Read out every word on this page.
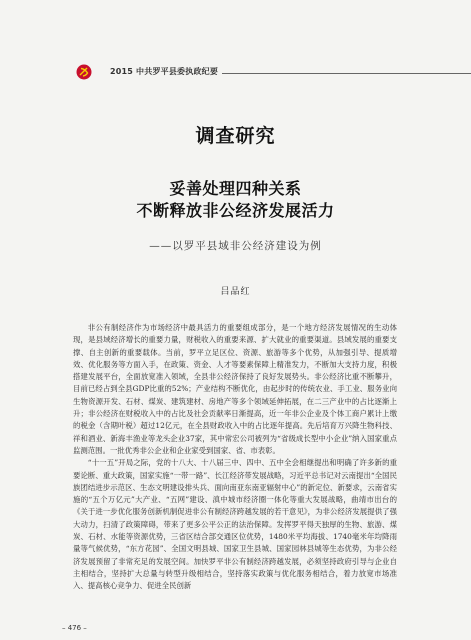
2015 中共罗平县委执政纪要
调查研究
妥善处理四种关系
不断释放非公经济发展活力
——以罗平县域非公经济建设为例
吕品红

非公有制经济作为市场经济中最具活力的重要组成部分，是一个地方经济发展情况的生动体现，是县域经济增长的重要力量，财税收入的重要来源、扩大就业的重要渠道。县域发展的重要支撑、自主创新的重要载体。当前，罗平立足区位、资源、旅游等多个优势，从加强引导、提质增效、优化服务等方面入手，在政策、资金、人才等要素保障上精准发力，不断加大支持力度，积极搭建发展平台，全面放宽准入领域，全县非公经济保持了良好发展势头。非公经济比重不断攀升，目前已经占到全县GDP比重的52%；产业结构不断优化，由起步时的传统农业、手工业、服务业向生物资源开发、石材、煤炭、建筑建材、房地产等多个领域延伸拓展，在二三产业中的占比逐渐上升；非公经济在财税收入中的占比及社会贡献率日渐提高，近一年非公企业及个体工商户累计上缴的税金（含期叶税）超过12亿元，在全县财政收入中的占比逐年提高。先后培育万兴降生物科技、祥和酒业、新海丰渔业等龙头企业37家，其中常宏公司被列为“省级成长型中小企业”纳入国家重点监测范围。一批优秀非公企业和企业家受到国家、省、市表彰。

“十一五”开局之际，党的十八大、十八届三中、四中、五中全会相继提出和明确了许多新的重要论断、重大政策，国家实施“一带一路”、长江经济带发展战略，习近平总书记对云南提出“全国民族团结进步示范区、生态文明建设排头兵、面向南亚东南亚辐射中心”的新定位、新要求，云南省实施的“五个万亿元”大产业、“五网”建设、滇中城市经济圈一体化等重大发展战略，曲靖市出台的《关于进一步优化服务创新机制促进非公有制经济跨越发展的若干意见》，为非公经济发展提供了强大动力，扫清了政策障碍，带来了更多公平公正的法治保障。发挥罗平得天独厚的生物、旅游、煤炭、石材、水能等资源优势，三省区结合部交通区位优势，1480米平均海拔、1740毫米年均降雨量等气候优势，“东方花园”、全国文明县城、国家卫生县城、国家园林县城等生态优势，为非公经济发展预留了非常充足的发展空间。加快罗平非公有制经济跨越发展，必须坚持政府引导与企业自主相结合，坚持扩大总量与转型升级相结合，坚持落实政策与优化服务相结合，着力放宽市场准入、提高核心竞争力、促进全民创新

– 476 –
